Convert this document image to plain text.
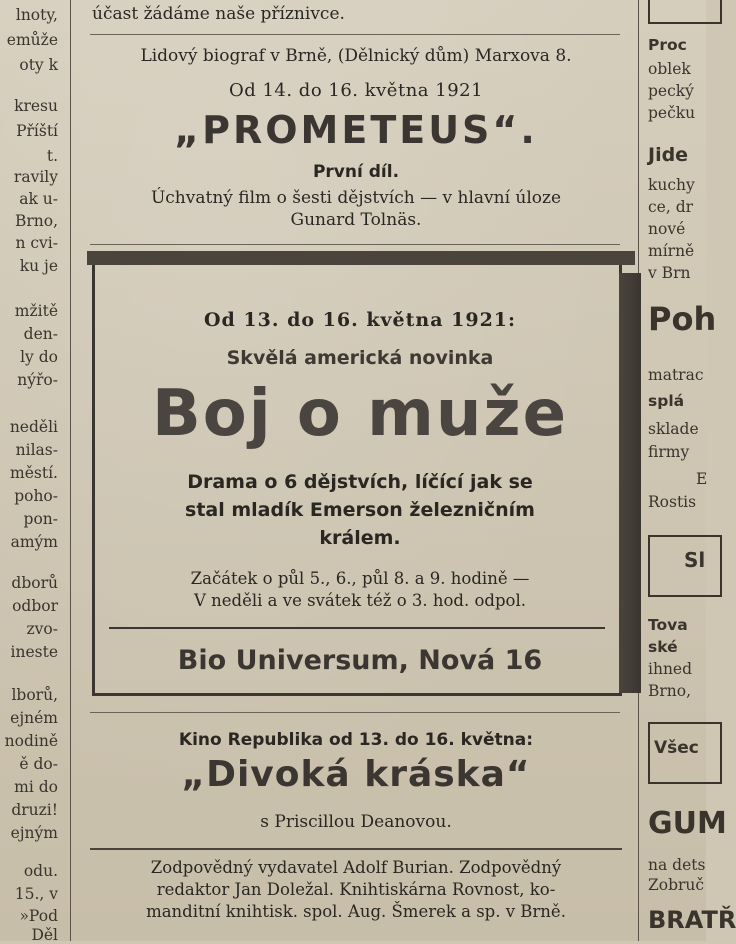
lnoty,
emůže
oty k
kresu
Příští
t.
ravily
ak u-
Brno,
n cvi-
ku je
mžitě
den-
ly do
nýřo-
neděli
nilas-
městí.
poho-
pon-
amým
dborů
odbor
zvo-
ineste
lborů,
ejném
nodině
ě do-
mi do
druzi!
ejným
odu.
15., v
»Pod
Děl
Proc
oblek
pecký
pečku
Jide
kuchy
ce, dr
nové
mírně
v Brn
Poh
matrac
splá
sklade
firmy
E
Rostis
Sl
Tova
ské
ihned
Brno,
Všec
GUM
na dets
Zobruč
BRATŘ
účast žádáme naše příznivce.
Lidový biograf v Brně, (Dělnický dům) Marxova 8.
Od 14. do 16. května 1921
„PROMETEUS“.
První díl.
Úchvatný film o šesti dějstvích — v hlavní úloze
Gunard Tolnäs.
Od 13. do 16. května 1921:
Skvělá americká novinka
Boj o muže
Drama o 6 dějstvích, líčící jak se
stal mladík Emerson železničním
králem.
Začátek o půl 5., 6., půl 8. a 9. hodině —
V neděli a ve svátek též o 3. hod. odpol.
Bio Universum, Nová 16
Kino Republika od 13. do 16. května:
„Divoká kráska“
s Priscillou Deanovou.
Zodpovědný vydavatel Adolf Burian. Zodpovědný
redaktor Jan Doležal. Knihtiskárna Rovnost, ko-
manditní knihtisk. spol. Aug. Šmerek a sp. v Brně.
